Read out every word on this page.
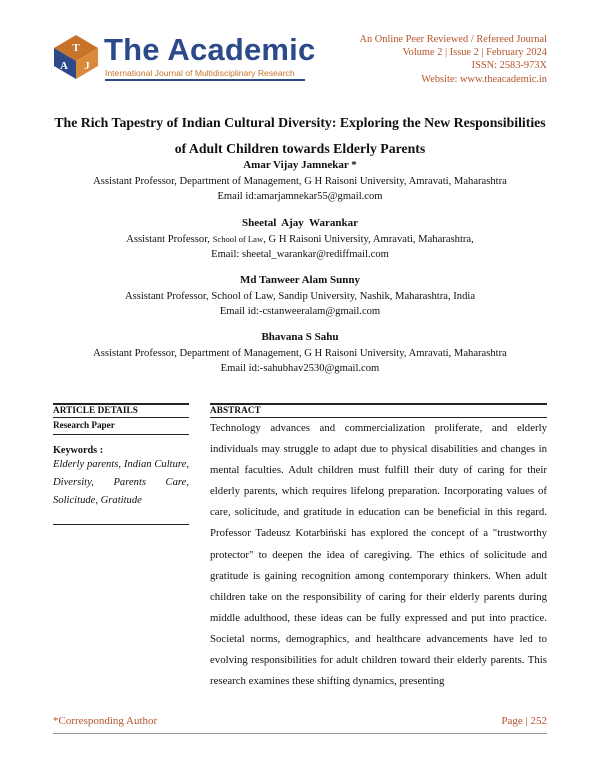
T
A J The Academic
International Journal of Multidisciplinary Research
An Online Peer Reviewed / Refereed Journal
Volume 2 | Issue 2 | February 2024
ISSN: 2583-973X
Website: www.theacademic.in
The Rich Tapestry of Indian Cultural Diversity: Exploring the New Responsibilities
of Adult Children towards Elderly Parents
Amar Vijay Jamnekar *
Assistant Professor, Department of Management, G H Raisoni University, Amravati, Maharashtra
Email id:amarjamnekar55@gmail.com
Sheetal  Ajay  Warankar
Assistant Professor, School of Law, G H Raisoni University, Amravati, Maharashtra,
Email: sheetal_warankar@rediffmail.com
Md Tanweer Alam Sunny
Assistant Professor, School of Law, Sandip University, Nashik, Maharashtra, India
Email id:-cstanweeralam@gmail.com
Bhavana S Sahu
Assistant Professor, Department of Management, G H Raisoni University, Amravati, Maharashtra
Email id:-sahubhav2530@gmail.com
ARTICLE DETAILS	ABSTRACT
Research Paper
Keywords :
Elderly parents, Indian Culture, Diversity, Parents Care, Solicitude, Gratitude
Technology advances and commercialization proliferate, and elderly individuals may struggle to adapt due to physical disabilities and changes in mental faculties. Adult children must fulfill their duty of caring for their elderly parents, which requires lifelong preparation. Incorporating values of care, solicitude, and gratitude in education can be beneficial in this regard. Professor Tadeusz Kotarbiński has explored the concept of a "trustworthy protector" to deepen the idea of caregiving. The ethics of solicitude and gratitude is gaining recognition among contemporary thinkers. When adult children take on the responsibility of caring for their elderly parents during middle adulthood, these ideas can be fully expressed and put into practice. Societal norms, demographics, and healthcare advancements have led to evolving responsibilities for adult children toward their elderly parents. This research examines these shifting dynamics, presenting
*Corresponding Author	Page | 252
